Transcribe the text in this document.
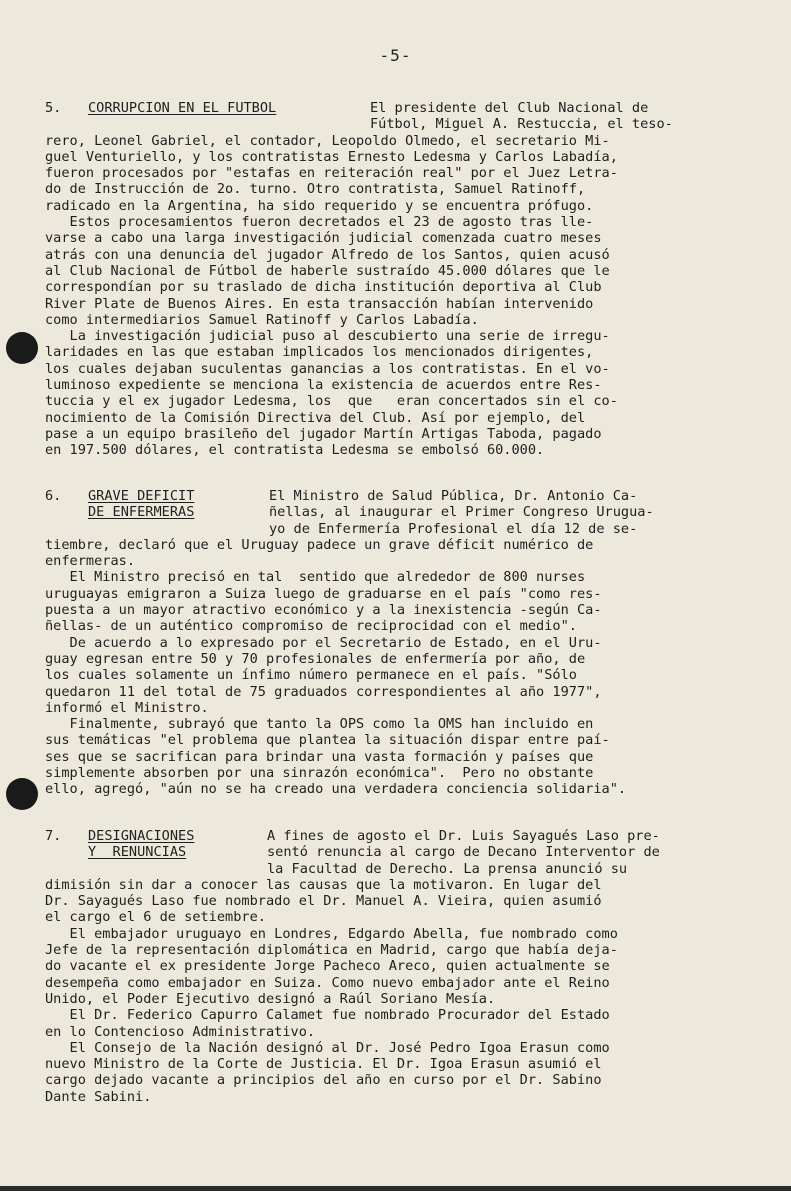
-5-
5. CORRUPCION EN EL FUTBOL	El presidente del Club Nacional de
Fútbol, Miguel A. Restuccia, el teso-
rero, Leonel Gabriel, el contador, Leopoldo Olmedo, el secretario Mi-
guel Venturiello, y los contratistas Ernesto Ledesma y Carlos Labadía,
fueron procesados por "estafas en reiteración real" por el Juez Letra-
do de Instrucción de 2o. turno. Otro contratista, Samuel Ratinoff,
radicado en la Argentina, ha sido requerido y se encuentra prófugo.
Estos procesamientos fueron decretados el 23 de agosto tras lle-
varse a cabo una larga investigación judicial comenzada cuatro meses
atrás con una denuncia del jugador Alfredo de los Santos, quien acusó
al Club Nacional de Fútbol de haberle sustraído 45.000 dólares que le
correspondían por su traslado de dicha institución deportiva al Club
River Plate de Buenos Aires. En esta transacción habían intervenido
como intermediarios Samuel Ratinoff y Carlos Labadía.
La investigación judicial puso al descubierto una serie de irregu-
laridades en las que estaban implicados los mencionados dirigentes,
los cuales dejaban suculentas ganancias a los contratistas. En el vo-
luminoso expediente se menciona la existencia de acuerdos entre Res-
tuccia y el ex jugador Ledesma, los  que   eran concertados sin el co-
nocimiento de la Comisión Directiva del Club. Así por ejemplo, del
pase a un equipo brasileño del jugador Martín Artigas Taboda, pagado
en 197.500 dólares, el contratista Ledesma se embolsó 60.000.
6. GRAVE DEFICIT	El Ministro de Salud Pública, Dr. Antonio Ca-
DE ENFERMERAS	ñellas, al inaugurar el Primer Congreso Urugua-
yo de Enfermería Profesional el día 12 de se-
tiembre, declaró que el Uruguay padece un grave déficit numérico de
enfermeras.
El Ministro precisó en tal  sentido que alrededor de 800 nurses
uruguayas emigraron a Suiza luego de graduarse en el país "como res-
puesta a un mayor atractivo económico y a la inexistencia -según Ca-
ñellas- de un auténtico compromiso de reciprocidad con el medio".
De acuerdo a lo expresado por el Secretario de Estado, en el Uru-
guay egresan entre 50 y 70 profesionales de enfermería por año, de
los cuales solamente un ínfimo número permanece en el país. "Sólo
quedaron 11 del total de 75 graduados correspondientes al año 1977",
informó el Ministro.
Finalmente, subrayó que tanto la OPS como la OMS han incluido en
sus temáticas "el problema que plantea la situación dispar entre paí-
ses que se sacrifican para brindar una vasta formación y países que
simplemente absorben por una sinrazón económica".  Pero no obstante
ello, agregó, "aún no se ha creado una verdadera conciencia solidaria".
7. DESIGNACIONES	A fines de agosto el Dr. Luis Sayagués Laso pre-
Y  RENUNCIAS	sentó renuncia al cargo de Decano Interventor de
la Facultad de Derecho. La prensa anunció su
dimisión sin dar a conocer las causas que la motivaron. En lugar del
Dr. Sayagués Laso fue nombrado el Dr. Manuel A. Vieira, quien asumió
el cargo el 6 de setiembre.
El embajador uruguayo en Londres, Edgardo Abella, fue nombrado como
Jefe de la representación diplomática en Madrid, cargo que había deja-
do vacante el ex presidente Jorge Pacheco Areco, quien actualmente se
desempeña como embajador en Suiza. Como nuevo embajador ante el Reino
Unido, el Poder Ejecutivo designó a Raúl Soriano Mesía.
El Dr. Federico Capurro Calamet fue nombrado Procurador del Estado
en lo Contencioso Administrativo.
El Consejo de la Nación designó al Dr. José Pedro Igoa Erasun como
nuevo Ministro de la Corte de Justicia. El Dr. Igoa Erasun asumió el
cargo dejado vacante a principios del año en curso por el Dr. Sabino
Dante Sabini.
